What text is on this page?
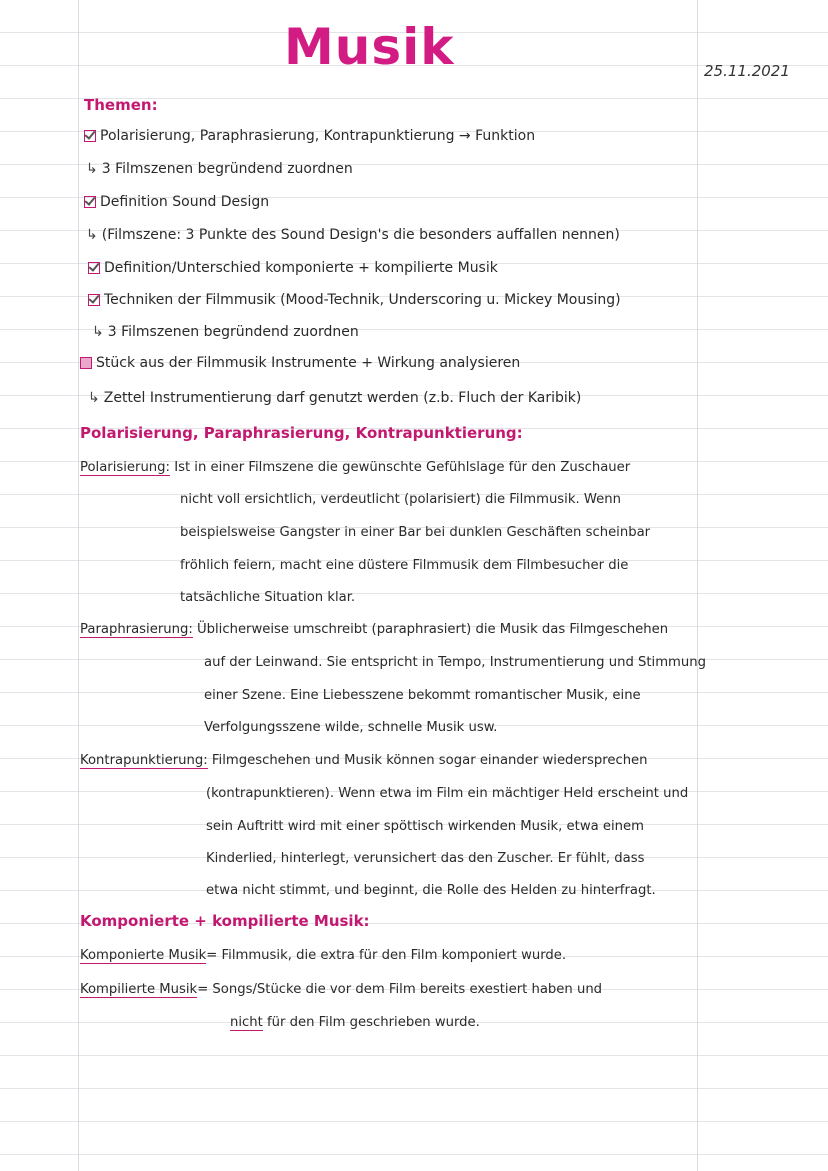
Musik	25.11.2021
Themen:
Polarisierung, Paraphrasierung, Kontrapunktierung → Funktion
↳ 3 Filmszenen begründend zuordnen
Definition Sound Design
↳ (Filmszene: 3 Punkte des Sound Design's die besonders auffallen nennen)
Definition/Unterschied komponierte + kompilierte Musik
Techniken der Filmmusik (Mood-Technik, Underscoring u. Mickey Mousing)
↳ 3 Filmszenen begründend zuordnen
Stück aus der Filmmusik Instrumente + Wirkung analysieren
↳ Zettel Instrumentierung darf genutzt werden (z.b. Fluch der Karibik)
Polarisierung, Paraphrasierung, Kontrapunktierung:
Polarisierung: Ist in einer Filmszene die gewünschte Gefühlslage für den Zuschauer
nicht voll ersichtlich, verdeutlicht (polarisiert) die Filmmusik. Wenn
beispielsweise Gangster in einer Bar bei dunklen Geschäften scheinbar
fröhlich feiern, macht eine düstere Filmmusik dem Filmbesucher die
tatsächliche Situation klar.
Paraphrasierung: Üblicherweise umschreibt (paraphrasiert) die Musik das Filmgeschehen
auf der Leinwand. Sie entspricht in Tempo, Instrumentierung und Stimmung
einer Szene. Eine Liebesszene bekommt romantischer Musik, eine
Verfolgungsszene wilde, schnelle Musik usw.
Kontrapunktierung: Filmgeschehen und Musik können sogar einander wiedersprechen
(kontrapunktieren). Wenn etwa im Film ein mächtiger Held erscheint und
sein Auftritt wird mit einer spöttisch wirkenden Musik, etwa einem
Kinderlied, hinterlegt, verunsichert das den Zuscher. Er fühlt, dass
etwa nicht stimmt, und beginnt, die Rolle des Helden zu hinterfragt.
Komponierte + kompilierte Musik:
Komponierte Musik= Filmmusik, die extra für den Film komponiert wurde.
Kompilierte Musik= Songs/Stücke die vor dem Film bereits exestiert haben und
nicht für den Film geschrieben wurde.
